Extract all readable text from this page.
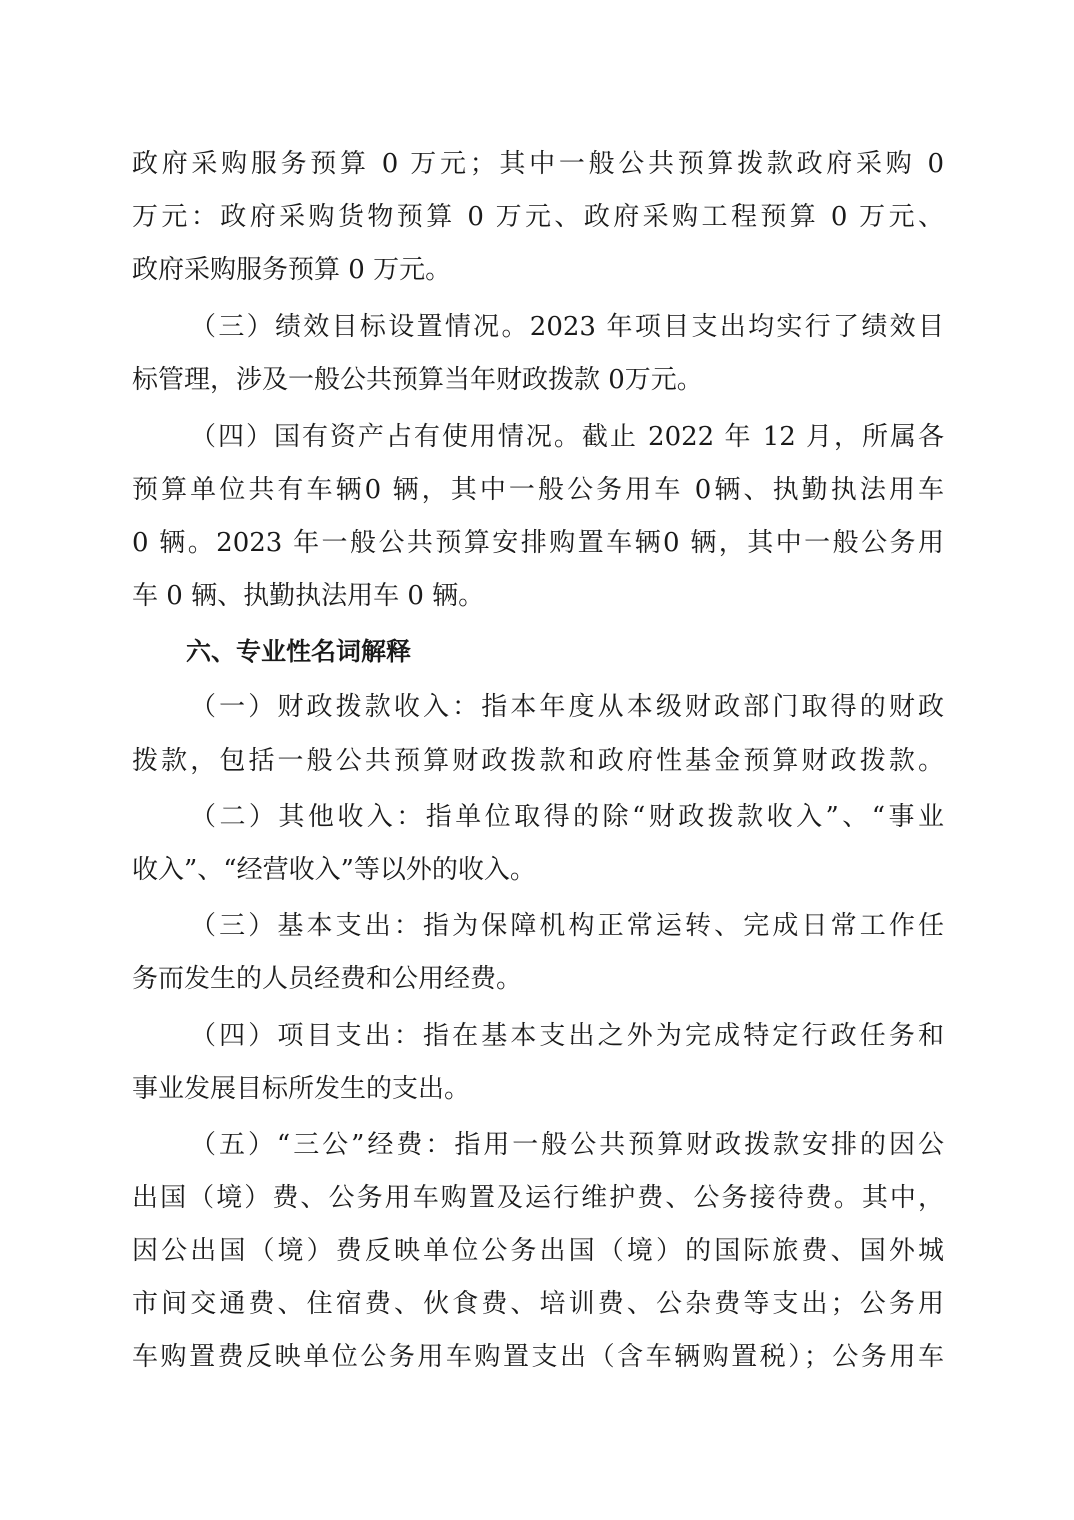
政府采购服务预算 0 万元；其中一般公共预算拨款政府采购 0
万元：政府采购货物预算 0 万元、政府采购工程预算 0 万元、
政府采购服务预算 0 万元。
（三）绩效目标设置情况。2023 年项目支出均实行了绩效目
标管理，涉及一般公共预算当年财政拨款 0万元。
（四）国有资产占有使用情况。截止 2022 年 12 月，所属各
预算单位共有车辆0 辆，其中一般公务用车 0辆、执勤执法用车
0 辆。2023 年一般公共预算安排购置车辆0 辆，其中一般公务用
车 0 辆、执勤执法用车 0 辆。
六、专业性名词解释
（一）财政拨款收入：指本年度从本级财政部门取得的财政
拨款，包括一般公共预算财政拨款和政府性基金预算财政拨款。
（二）其他收入：指单位取得的除“财政拨款收入”、“事业
收入”、“经营收入”等以外的收入。
（三）基本支出：指为保障机构正常运转、完成日常工作任
务而发生的人员经费和公用经费。
（四）项目支出：指在基本支出之外为完成特定行政任务和
事业发展目标所发生的支出。
（五）“三公”经费：指用一般公共预算财政拨款安排的因公
出国（境）费、公务用车购置及运行维护费、公务接待费。其中，
因公出国（境）费反映单位公务出国（境）的国际旅费、国外城
市间交通费、住宿费、伙食费、培训费、公杂费等支出；公务用
车购置费反映单位公务用车购置支出（含车辆购置税）；公务用车
